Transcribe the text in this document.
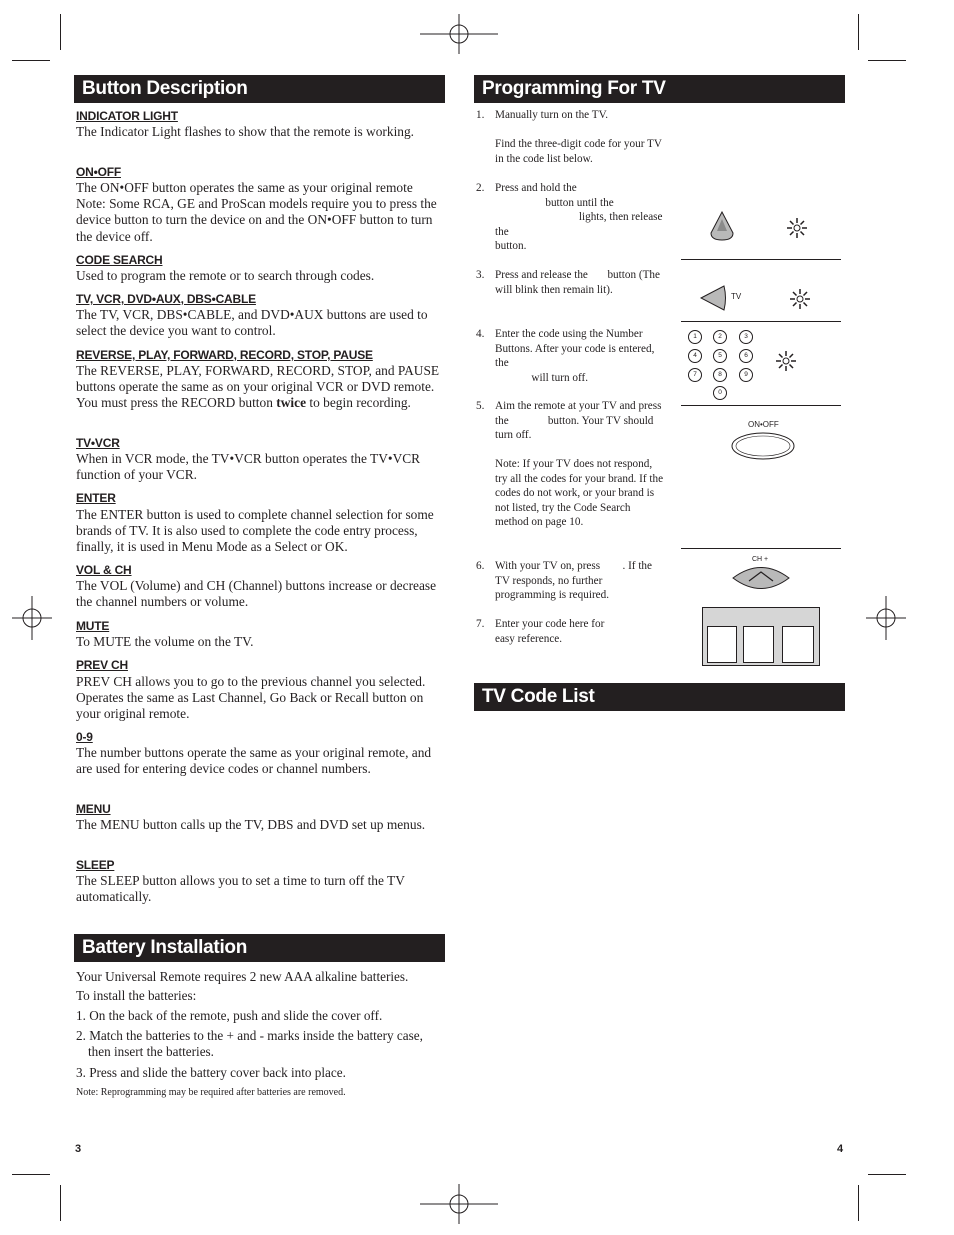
Button Description
INDICATOR LIGHT
The Indicator Light flashes to show that the remote is working.
ON•OFF
The ON•OFF button operates the same as your original remote Note: Some RCA, GE and ProScan models require you to press the device button to turn the device on and the ON•OFF button to turn the device off.
CODE SEARCH
Used to program the remote or to search through codes.
TV, VCR, DVD•AUX, DBS•CABLE
The TV, VCR, DBS•CABLE, and DVD•AUX buttons are used to select the device you want to control.
REVERSE, PLAY, FORWARD, RECORD, STOP, PAUSE
The REVERSE, PLAY, FORWARD, RECORD, STOP, and PAUSE buttons operate the same as on your original VCR or DVD remote. You must press the RECORD button twice to begin recording.
TV•VCR
When in VCR mode, the TV•VCR button operates the TV•VCR function of your VCR.
ENTER
The ENTER button is used to complete channel selection for some brands of TV. It is also used to complete the code entry process, finally, it is used in Menu Mode as a Select or OK.
VOL & CH
The VOL (Volume) and CH (Channel) buttons increase or decrease the channel numbers or volume.
MUTE
To MUTE the volume on the TV.
PREV CH
PREV CH allows you to go to the previous channel you selected. Operates the same as Last Channel, Go Back or Recall button on your original remote.
0-9
The number buttons operate the same as your original remote, and are used for entering device codes or channel numbers.
MENU
The MENU button calls up the TV, DBS and DVD set up menus.
SLEEP
The SLEEP button allows you to set a time to turn off the TV automatically.
Battery Installation
Your Universal Remote requires 2 new AAA alkaline batteries.
To install the batteries:
1. On the back of the remote, push and slide the cover off.
2. Match the batteries to the + and - marks inside the battery case, then insert the batteries.
3. Press and slide the battery cover back into place.
Note: Reprogramming may be required after batteries are removed.
3
Programming For TV
1. Manually turn on the TV.

Find the three-digit code for your TV in the code list below.
2. Press and hold the
button until the
lights, then release the
button.
3. Press and release the       button (The                          will blink then remain lit).
4. Enter the code using the Number Buttons. After your code is entered, the
will turn off.
5. Aim the remote at your TV and press the              button. Your TV should turn off.

Note: If your TV does not respond, try all the codes for your brand. If the codes do not work, or your brand is not listed, try the Code Search method on page 10.
6. With your TV on, press        . If the TV responds, no further programming is required.
7. Enter your code here for easy reference.
TV
1	2	3
4	5	6
7	8	9
0
ON•OFF
CH +
TV Code List
4
